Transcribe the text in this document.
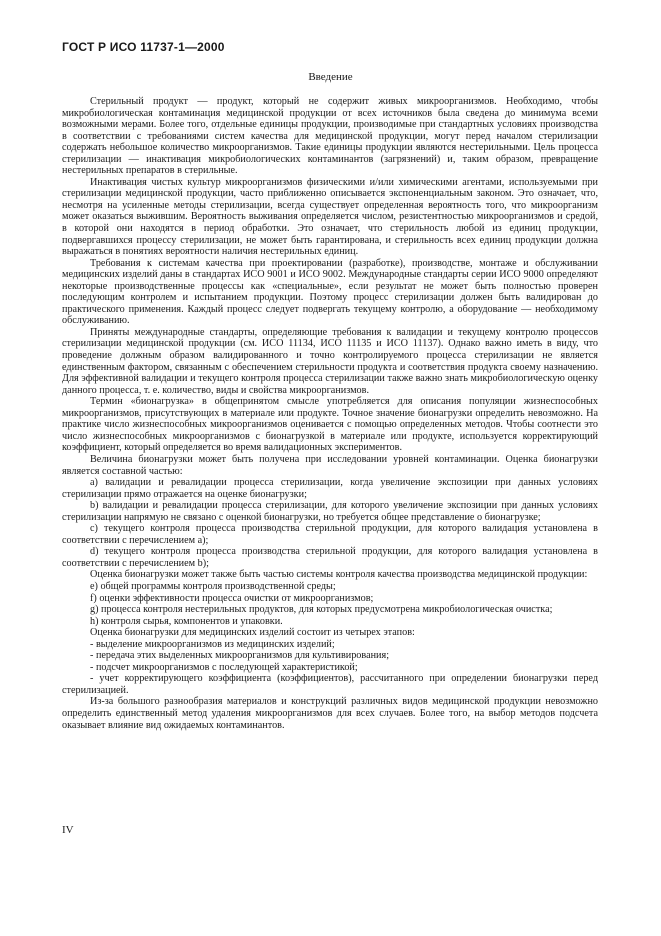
ГОСТ Р ИСО 11737-1—2000
Введение

Стерильный продукт — продукт, который не содержит живых микроорганизмов. Необходимо, чтобы микробиологическая контаминация медицинской продукции от всех источников была сведена до минимума всеми возможными мерами. Более того, отдельные единицы продукции, производимые при стандартных условиях производства в соответствии с требованиями систем качества для медицинской продукции, могут перед началом стерилизации содержать небольшое количество микроорганизмов. Такие единицы продукции являются нестерильными. Цель процесса стерилизации — инактивация микробиологических контаминантов (загрязнений) и, таким образом, превращение нестерильных препаратов в стерильные.

Инактивация чистых культур микроорганизмов физическими и/или химическими агентами, используемыми при стерилизации медицинской продукции, часто приближенно описывается экспоненциальным законом. Это означает, что, несмотря на усиленные методы стерилизации, всегда существует определенная вероятность того, что микроорганизм может оказаться выжившим. Вероятность выживания определяется числом, резистентностью микроорганизмов и средой, в которой они находятся в период обработки. Это означает, что стерильность любой из единиц продукции, подвергавшихся процессу стерилизации, не может быть гарантирована, и стерильность всех единиц продукции должна выражаться в понятиях вероятности наличия нестерильных единиц.

Требования к системам качества при проектировании (разработке), производстве, монтаже и обслуживании медицинских изделий даны в стандартах ИСО 9001 и ИСО 9002. Международные стандарты серии ИСО 9000 определяют некоторые производственные процессы как «специальные», если результат не может быть полностью проверен последующим контролем и испытанием продукции. Поэтому процесс стерилизации должен быть валидирован до практического применения. Каждый процесс следует подвергать текущему контролю, а оборудование — необходимому обслуживанию.

Приняты международные стандарты, определяющие требования к валидации и текущему контролю процессов стерилизации медицинской продукции (см. ИСО 11134, ИСО 11135 и ИСО 11137). Однако важно иметь в виду, что проведение должным образом валидированного и точно контролируемого процесса стерилизации не является единственным фактором, связанным с обеспечением стерильности продукта и соответствия продукта своему назначению. Для эффективной валидации и текущего контроля процесса стерилизации также важно знать микробиологическую оценку данного процесса, т. е. количество, виды и свойства микроорганизмов.

Термин «бионагрузка» в общепринятом смысле употребляется для описания популяции жизнеспособных микроорганизмов, присутствующих в материале или продукте. Точное значение бионагрузки определить невозможно. На практике число жизнеспособных микроорганизмов оценивается с помощью определенных методов. Чтобы соотнести это число жизнеспособных микроорганизмов с бионагрузкой в материале или продукте, используется корректирующий коэффициент, который определяется во время валидационных экспериментов.

Величина бионагрузки может быть получена при исследовании уровней контаминации. Оценка бионагрузки является составной частью:

a) валидации и ревалидации процесса стерилизации, когда увеличение экспозиции при данных условиях стерилизации прямо отражается на оценке бионагрузки;

b) валидации и ревалидации процесса стерилизации, для которого увеличение экспозиции при данных условиях стерилизации напрямую не связано с оценкой бионагрузки, но требуется общее представление о бионагрузке;

c) текущего контроля процесса производства стерильной продукции, для которого валидация установлена в соответствии с перечислением а);

d) текущего контроля процесса производства стерильной продукции, для которого валидация установлена в соответствии с перечислением b);

Оценка бионагрузки может также быть частью системы контроля качества производства медицинской продукции:

e) общей программы контроля производственной среды;

f) оценки эффективности процесса очистки от микроорганизмов;

g) процесса контроля нестерильных продуктов, для которых предусмотрена микробиологическая очистка;

h) контроля сырья, компонентов и упаковки.

Оценка бионагрузки для медицинских изделий состоит из четырех этапов:

- выделение микроорганизмов из медицинских изделий;

- передача этих выделенных микроорганизмов для культивирования;

- подсчет микроорганизмов с последующей характеристикой;

- учет корректирующего коэффициента (коэффициентов), рассчитанного при определении бионагрузки перед стерилизацией.

Из-за большого разнообразия материалов и конструкций различных видов медицинской продукции невозможно определить единственный метод удаления микроорганизмов для всех случаев. Более того, на выбор методов подсчета оказывает влияние вид ожидаемых контаминантов.

IV
